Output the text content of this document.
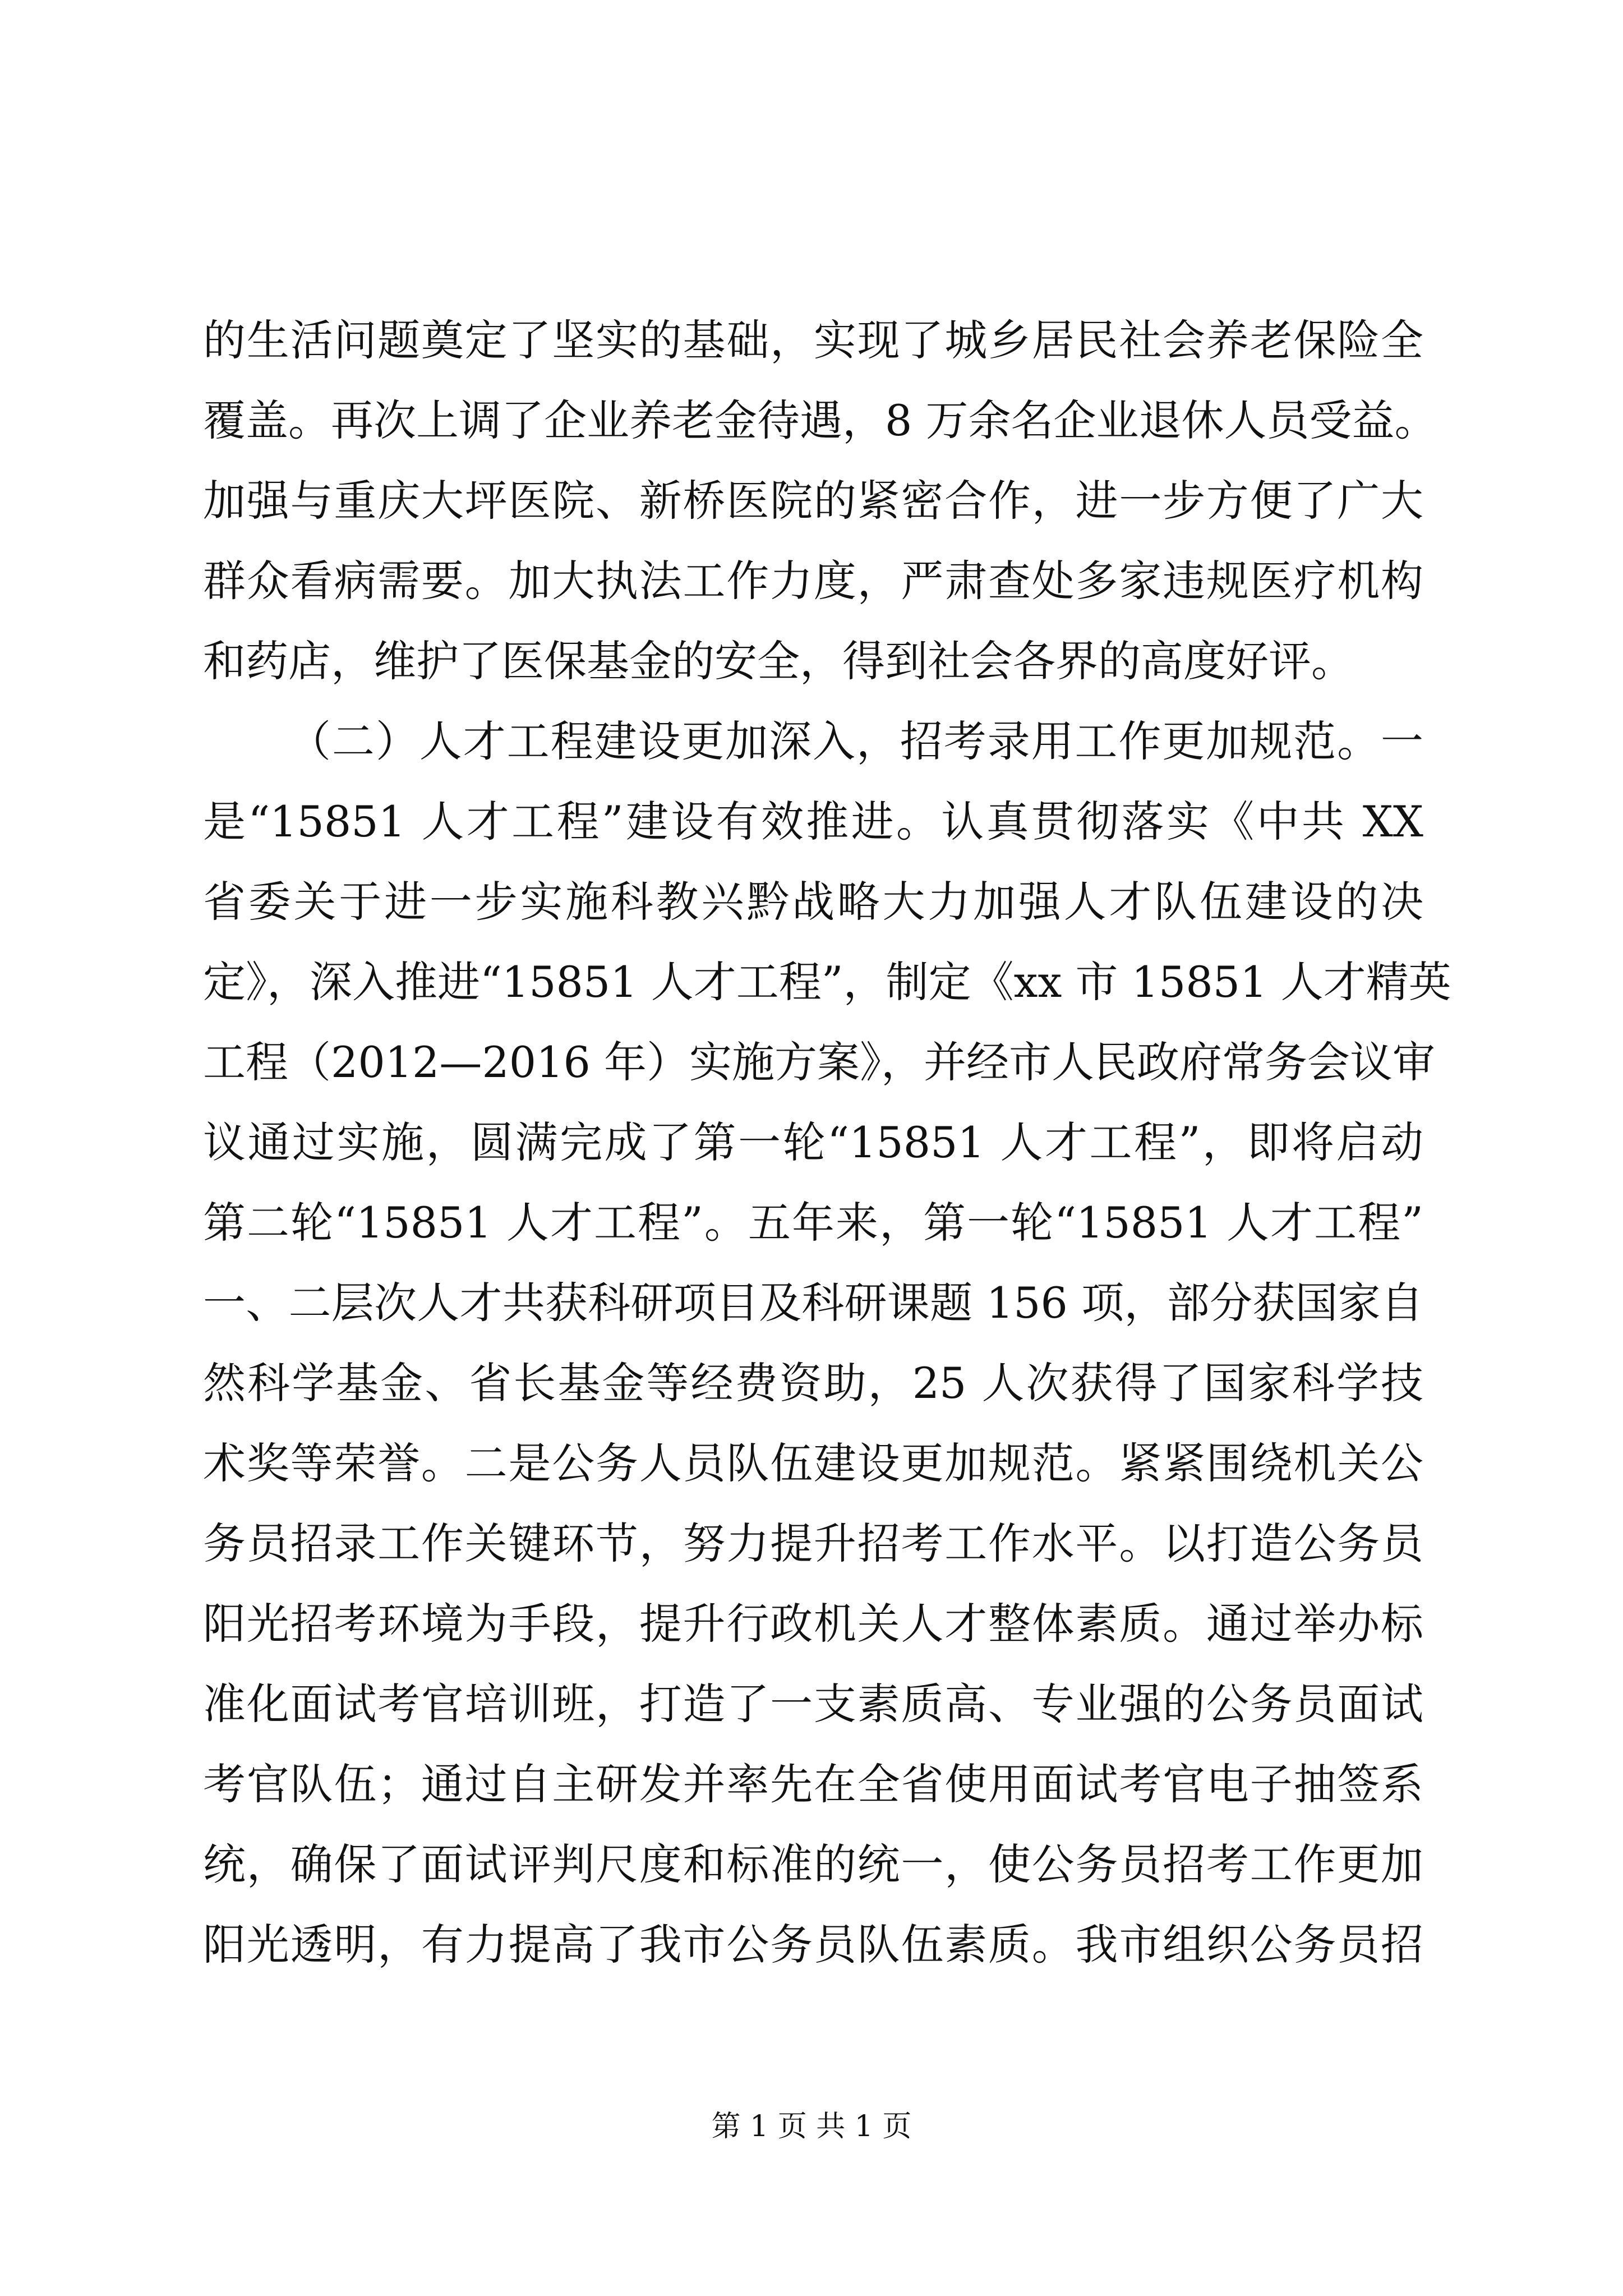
的生活问题奠定了坚实的基础，实现了城乡居民社会养老保险全
覆盖。再次上调了企业养老金待遇，8 万余名企业退休人员受益。
加强与重庆大坪医院、新桥医院的紧密合作，进一步方便了广大
群众看病需要。加大执法工作力度，严肃查处多家违规医疗机构
和药店，维护了医保基金的安全，得到社会各界的高度好评。
（二）人才工程建设更加深入，招考录用工作更加规范。一
是“15851 人才工程”建设有效推进。认真贯彻落实《中共 XX
省委关于进一步实施科教兴黔战略大力加强人才队伍建设的决
定》，深入推进“15851 人才工程”，制定《xx 市 15851 人才精英
工程（2012—2016 年）实施方案》，并经市人民政府常务会议审
议通过实施，圆满完成了第一轮“15851 人才工程”，即将启动
第二轮“15851 人才工程”。五年来，第一轮“15851 人才工程”
一、二层次人才共获科研项目及科研课题 156 项，部分获国家自
然科学基金、省长基金等经费资助，25 人次获得了国家科学技
术奖等荣誉。二是公务人员队伍建设更加规范。紧紧围绕机关公
务员招录工作关键环节，努力提升招考工作水平。以打造公务员
阳光招考环境为手段，提升行政机关人才整体素质。通过举办标
准化面试考官培训班，打造了一支素质高、专业强的公务员面试
考官队伍；通过自主研发并率先在全省使用面试考官电子抽签系
统，确保了面试评判尺度和标准的统一，使公务员招考工作更加
阳光透明，有力提高了我市公务员队伍素质。我市组织公务员招
第 1 页 共 1 页
